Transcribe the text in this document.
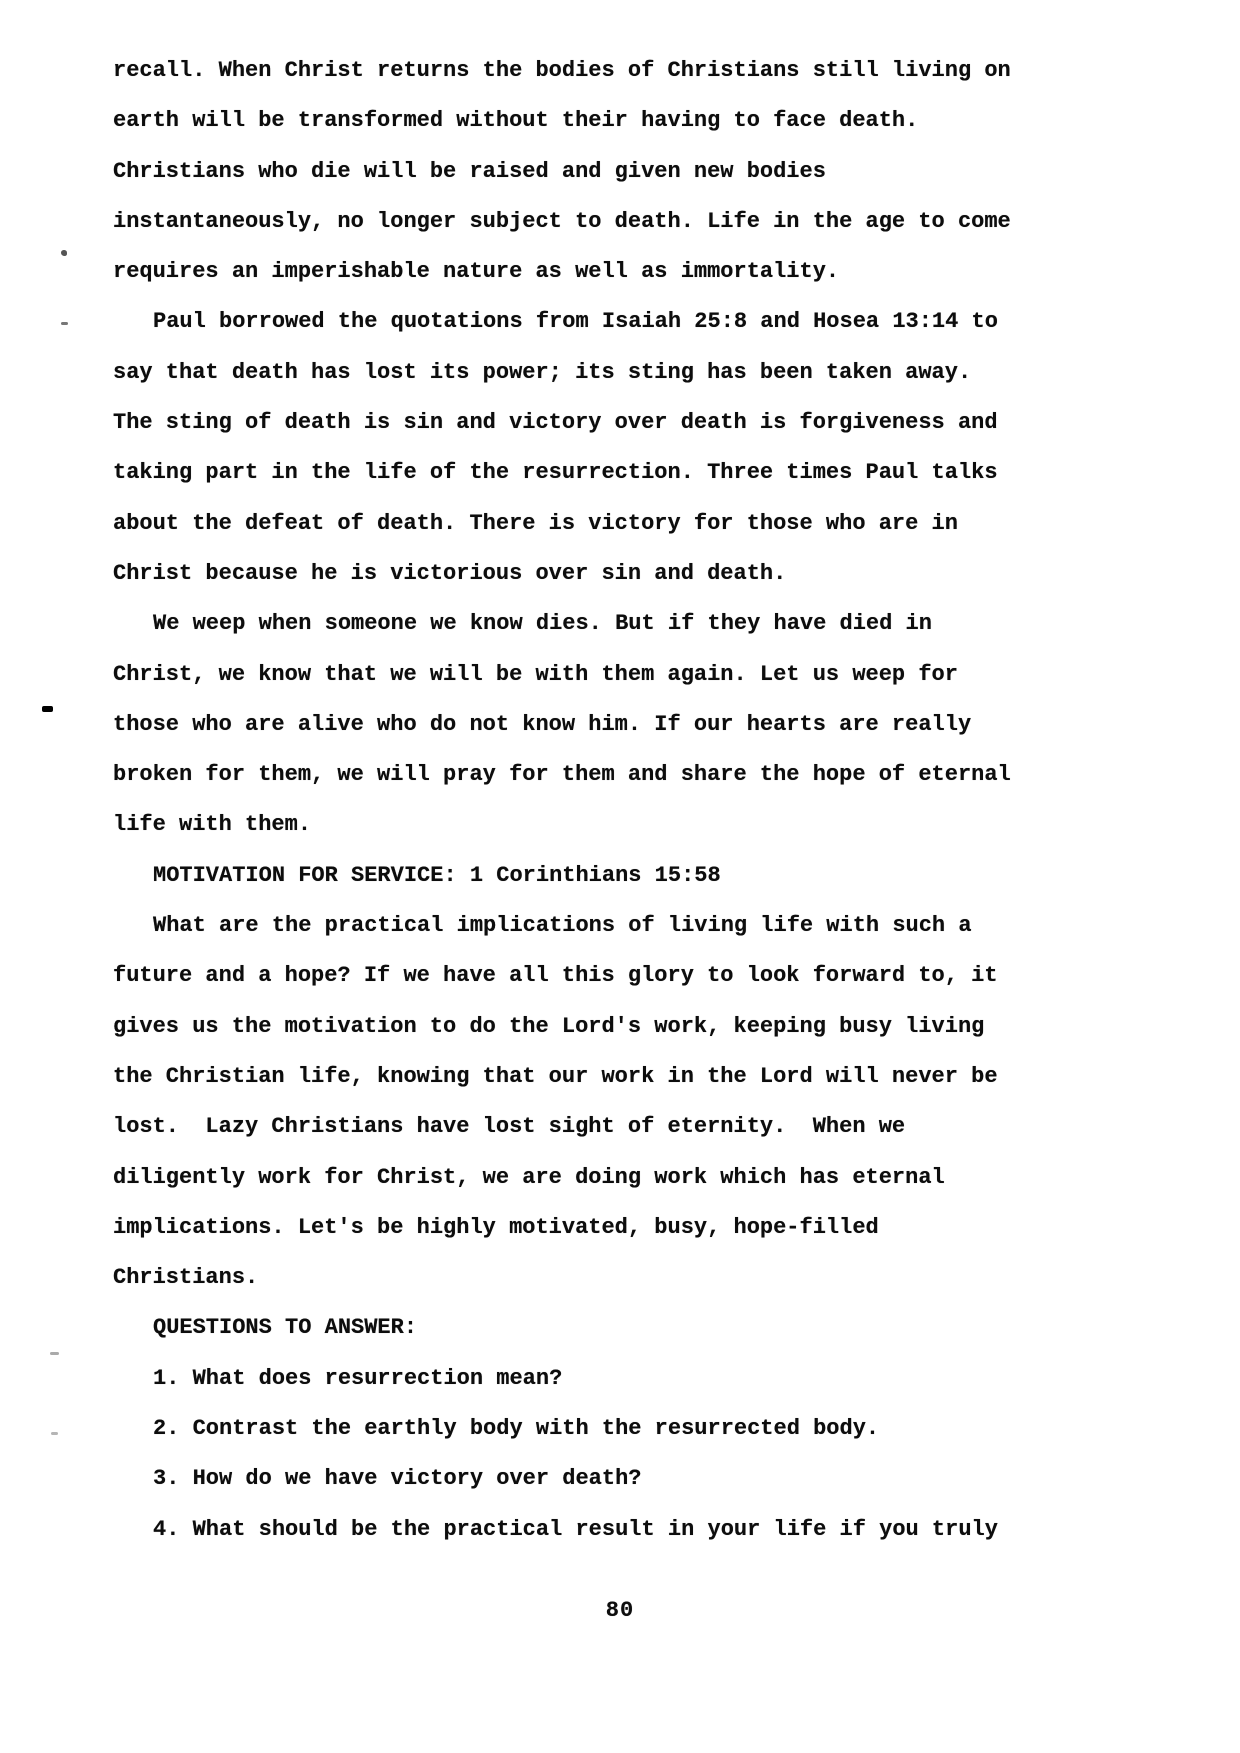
recall. When Christ returns the bodies of Christians still living on
earth will be transformed without their having to face death.
Christians who die will be raised and given new bodies
instantaneously, no longer subject to death. Life in the age to come
requires an imperishable nature as well as immortality.
Paul borrowed the quotations from Isaiah 25:8 and Hosea 13:14 to
say that death has lost its power; its sting has been taken away.
The sting of death is sin and victory over death is forgiveness and
taking part in the life of the resurrection. Three times Paul talks
about the defeat of death. There is victory for those who are in
Christ because he is victorious over sin and death.
We weep when someone we know dies. But if they have died in
Christ, we know that we will be with them again. Let us weep for
those who are alive who do not know him. If our hearts are really
broken for them, we will pray for them and share the hope of eternal
life with them.
MOTIVATION FOR SERVICE: 1 Corinthians 15:58
What are the practical implications of living life with such a
future and a hope? If we have all this glory to look forward to, it
gives us the motivation to do the Lord's work, keeping busy living
the Christian life, knowing that our work in the Lord will never be
lost.  Lazy Christians have lost sight of eternity.  When we
diligently work for Christ, we are doing work which has eternal
implications. Let's be highly motivated, busy, hope-filled
Christians.
QUESTIONS TO ANSWER:
1. What does resurrection mean?
2. Contrast the earthly body with the resurrected body.
3. How do we have victory over death?
4. What should be the practical result in your life if you truly
80
